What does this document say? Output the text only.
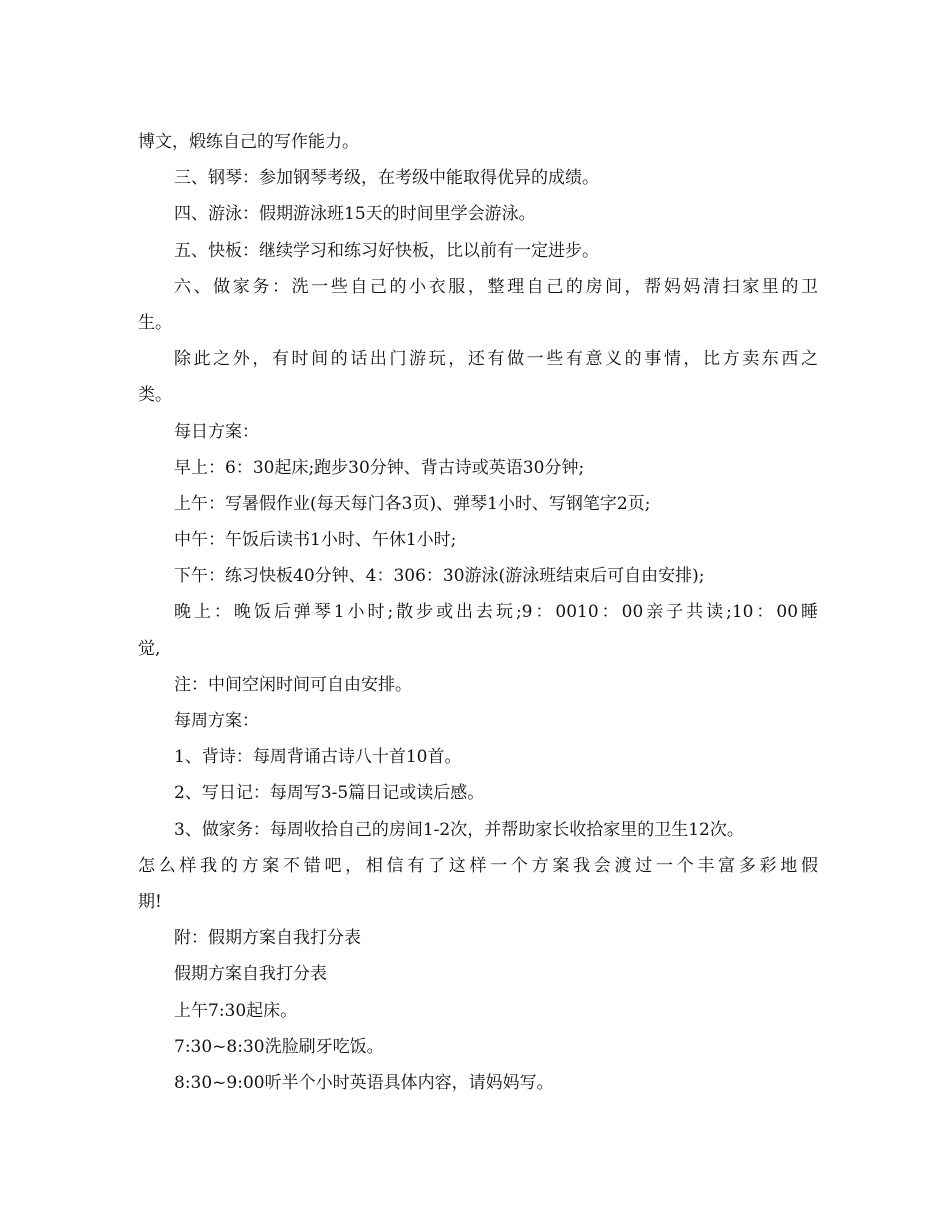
博文，煅练自己的写作能力。

三、钢琴：参加钢琴考级，在考级中能取得优异的成绩。

四、游泳：假期游泳班15天的时间里学会游泳。

五、快板：继续学习和练习好快板，比以前有一定进步。

六、做家务：洗一些自己的小衣服，整理自己的房间，帮妈妈清扫家里的卫

生。

除此之外，有时间的话出门游玩，还有做一些有意义的事情，比方卖东西之

类。

每日方案：

早上：6：30起床;跑步30分钟、背古诗或英语30分钟;

上午：写暑假作业(每天每门各3页)、弹琴1小时、写钢笔字2页;

中午：午饭后读书1小时、午休1小时;

下午：练习快板40分钟、4：306：30游泳(游泳班结束后可自由安排);

晚上：晚饭后弹琴1小时;散步或出去玩;9：0010：00亲子共读;10：00睡

觉,

注：中间空闲时间可自由安排。

每周方案：

1、背诗：每周背诵古诗八十首10首。

2、写日记：每周写3-5篇日记或读后感。

3、做家务：每周收拾自己的房间1-2次，并帮助家长收拾家里的卫生12次。

怎么样我的方案不错吧，相信有了这样一个方案我会渡过一个丰富多彩地假

期!

附：假期方案自我打分表

假期方案自我打分表

上午7:30起床。

7:30~8:30洗脸刷牙吃饭。

8:30~9:00听半个小时英语具体内容，请妈妈写。
